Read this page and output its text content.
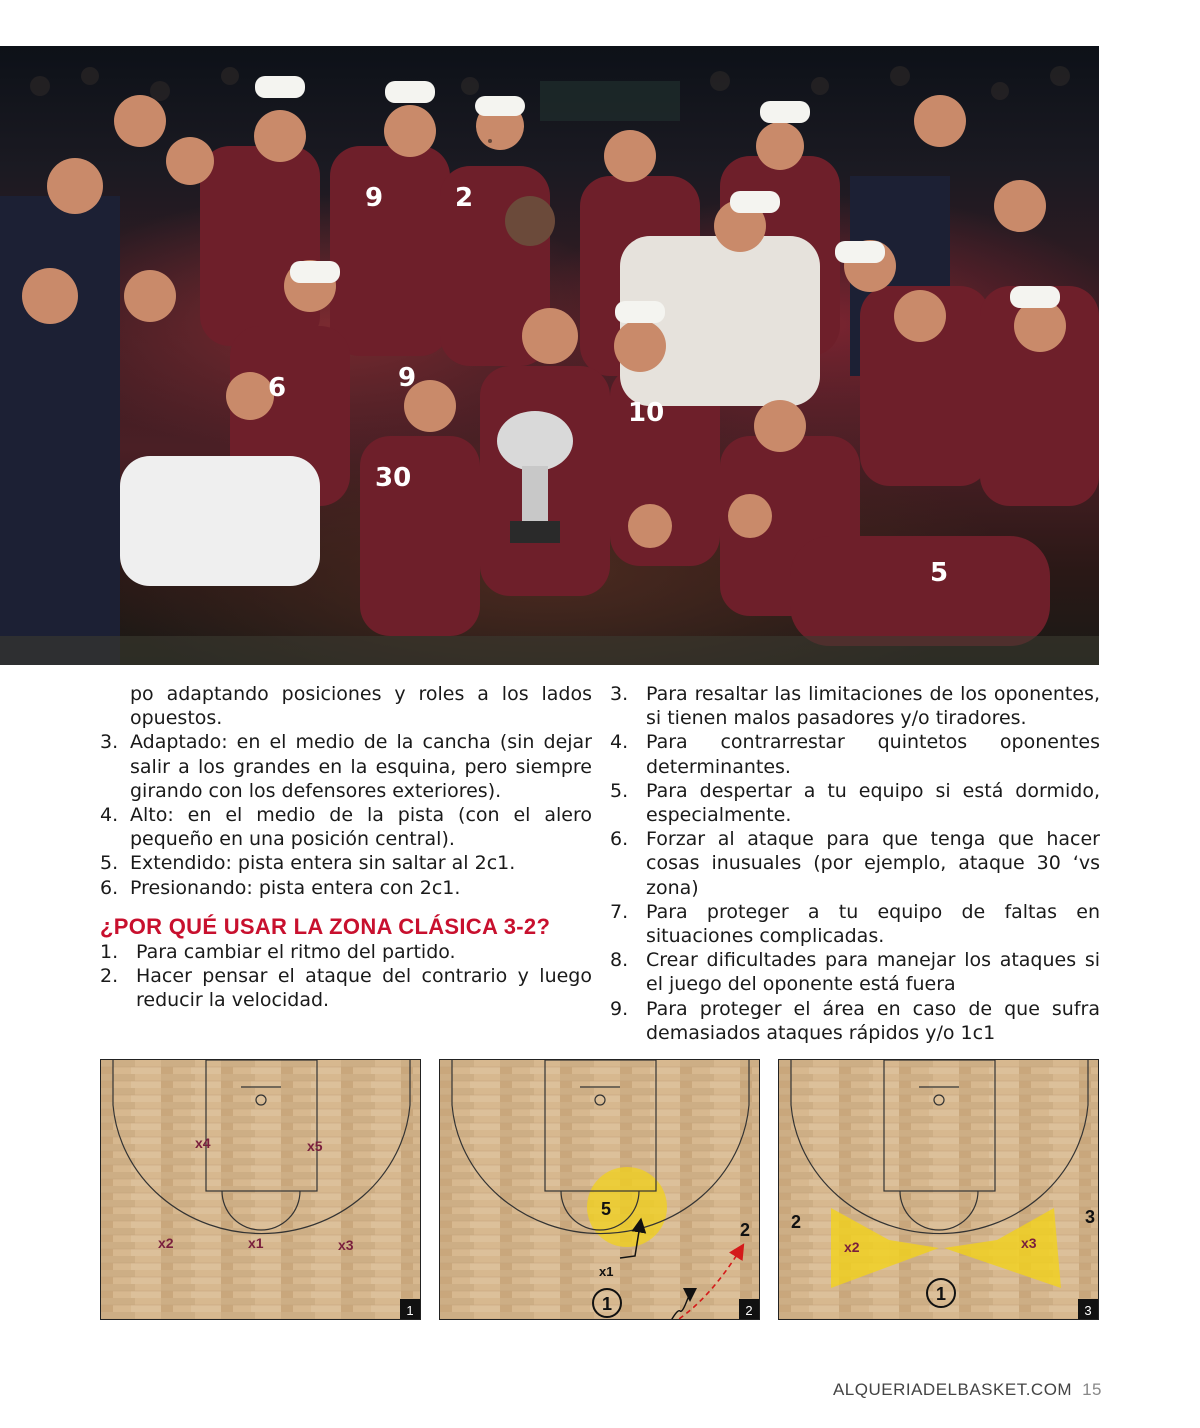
9	2
30
10
5
6	9
po adaptando posiciones y roles a los lados opuestos.
3. Adaptado: en el medio de la cancha (sin dejar salir a los grandes en la esquina, pero siempre girando con los defensores exteriores).
4. Alto: en el medio de la pista (con el alero pequeño en una posición central).
5. Extendido: pista entera sin saltar al 2c1.
6. Presionando: pista entera con 2c1.
¿POR QUÉ USAR LA ZONA CLÁSICA 3-2?
1. Para cambiar el ritmo del partido.
2. Hacer pensar el ataque del contrario y luego reducir la velocidad.
3. Para resaltar las limitaciones de los oponentes, si tienen malos pasadores y/o tiradores.
4. Para contrarrestar quintetos oponentes determinantes.
5. Para despertar a tu equipo si está dormido, especialmente.
6. Forzar al ataque para que tenga que hacer cosas inusuales (por ejemplo, ataque 30 ‘vs zona)
7. Para proteger a tu equipo de faltas en situaciones complicadas.
8. Crear dificultades para manejar los ataques si el juego del oponente está fuera
9. Para proteger el área en caso de que sufra demasiados ataques rápidos y/o 1c1
x4	x5
x2	x1	x3
1
5
x1
2
1	2
2	3
x2	x3
1
3
ALQUERIADELBASKET.COM 15
